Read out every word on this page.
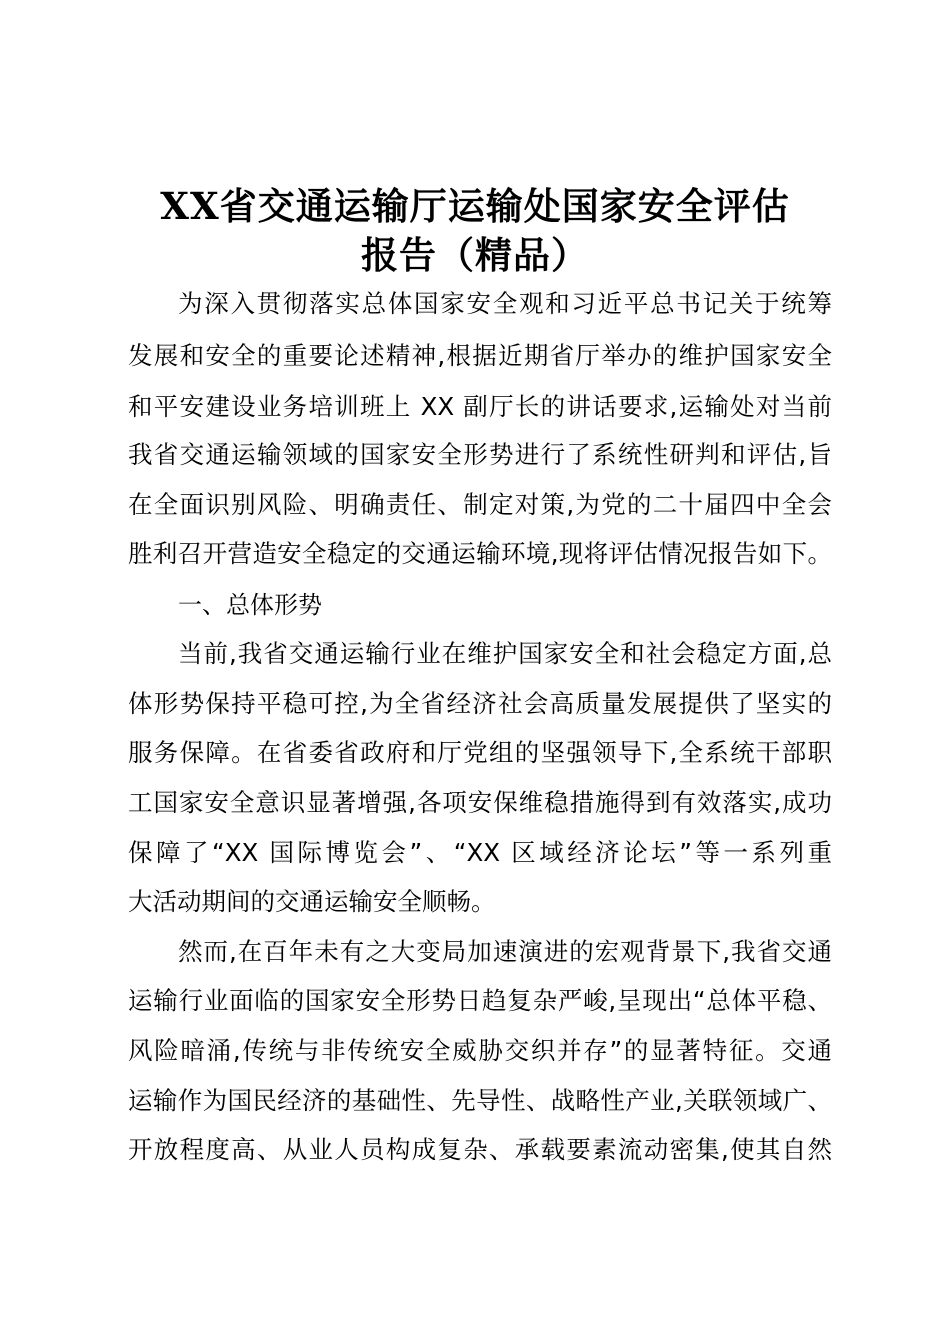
XX省交通运输厅运输处国家安全评估
报告（精品）
为深入贯彻落实总体国家安全观和习近平总书记关于统筹
发展和安全的重要论述精神,根据近期省厅举办的维护国家安全
和平安建设业务培训班上 XX 副厅长的讲话要求,运输处对当前
我省交通运输领域的国家安全形势进行了系统性研判和评估,旨
在全面识别风险、明确责任、制定对策,为党的二十届四中全会
胜利召开营造安全稳定的交通运输环境,现将评估情况报告如下。
一、总体形势
当前,我省交通运输行业在维护国家安全和社会稳定方面,总
体形势保持平稳可控,为全省经济社会高质量发展提供了坚实的
服务保障。在省委省政府和厅党组的坚强领导下,全系统干部职
工国家安全意识显著增强,各项安保维稳措施得到有效落实,成功
保障了“XX 国际博览会”、“XX 区域经济论坛”等一系列重
大活动期间的交通运输安全顺畅。
然而,在百年未有之大变局加速演进的宏观背景下,我省交通
运输行业面临的国家安全形势日趋复杂严峻,呈现出“总体平稳、
风险暗涌,传统与非传统安全威胁交织并存”的显著特征。交通
运输作为国民经济的基础性、先导性、战略性产业,关联领域广、
开放程度高、从业人员构成复杂、承载要素流动密集,使其自然
